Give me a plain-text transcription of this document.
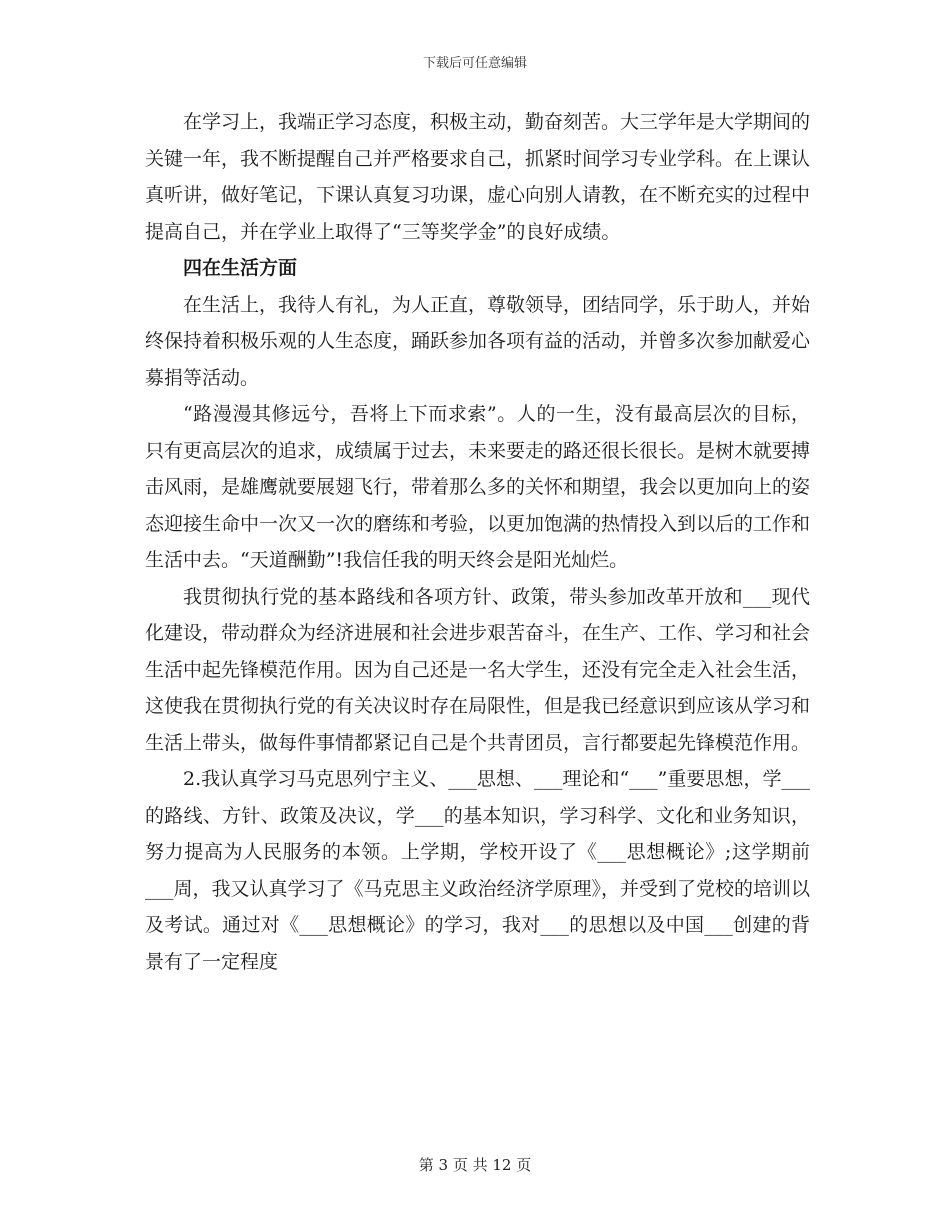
下载后可任意编辑

在学习上，我端正学习态度，积极主动，勤奋刻苦。大三学年是大学期间的关键一年，我不断提醒自己并严格要求自己，抓紧时间学习专业学科。在上课认真听讲，做好笔记，下课认真复习功课，虚心向别人请教，在不断充实的过程中提高自己，并在学业上取得了“三等奖学金”的良好成绩。

四在生活方面

在生活上，我待人有礼，为人正直，尊敬领导，团结同学，乐于助人，并始终保持着积极乐观的人生态度，踊跃参加各项有益的活动，并曾多次参加献爱心募捐等活动。

“路漫漫其修远兮，吾将上下而求索”。人的一生，没有最高层次的目标，只有更高层次的追求，成绩属于过去，未来要走的路还很长很长。是树木就要搏击风雨，是雄鹰就要展翅飞行，带着那么多的关怀和期望，我会以更加向上的姿态迎接生命中一次又一次的磨练和考验，以更加饱满的热情投入到以后的工作和生活中去。“天道酬勤”!我信任我的明天终会是阳光灿烂。

我贯彻执行党的基本路线和各项方针、政策，带头参加改革开放和___现代化建设，带动群众为经济进展和社会进步艰苦奋斗，在生产、工作、学习和社会生活中起先锋模范作用。因为自己还是一名大学生，还没有完全走入社会生活，这使我在贯彻执行党的有关决议时存在局限性，但是我已经意识到应该从学习和生活上带头，做每件事情都紧记自己是个共青团员，言行都要起先锋模范作用。

2.我认真学习马克思列宁主义、___思想、___理论和“___”重要思想，学___的路线、方针、政策及决议，学___的基本知识，学习科学、文化和业务知识，努力提高为人民服务的本领。上学期，学校开设了《___思想概论》;这学期前___周，我又认真学习了《马克思主义政治经济学原理》，并受到了党校的培训以及考试。通过对《___思想概论》的学习，我对___的思想以及中国___创建的背景有了一定程度

第 3 页 共 12 页
